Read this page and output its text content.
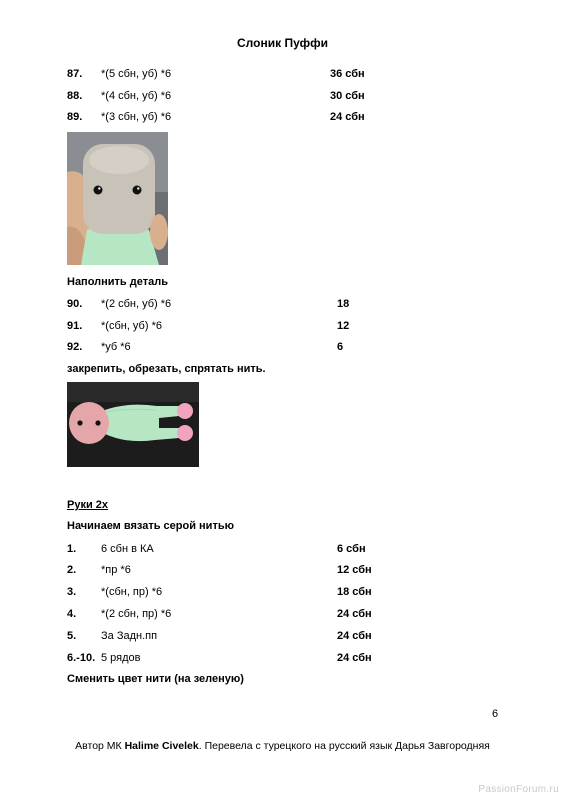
Слоник Пуффи
87. *(5 сбн, уб) *6	36 сбн
88. *(4 сбн, уб) *6	30 сбн
89. *(3 сбн, уб) *6	24 сбн
Наполнить деталь
90. *(2 сбн, уб) *6	18
91. *(сбн, уб) *6	12
92. *уб *6	6
закрепить, обрезать, спрятать нить.
Руки 2х
Начинаем вязать серой нитью
1. 6 сбн в КА	6 сбн
2. *пр *6	12 сбн
3. *(сбн, пр) *6	18 сбн
4. *(2 сбн, пр) *6	24 сбн
5. За Задн.пп	24 сбн
6.-10. 5 рядов	24 сбн
Сменить цвет нити (на зеленую)
6
Автор МК Halime Civelek. Перевела с турецкого на русский язык Дарья Завгородняя
PassionForum.ru
